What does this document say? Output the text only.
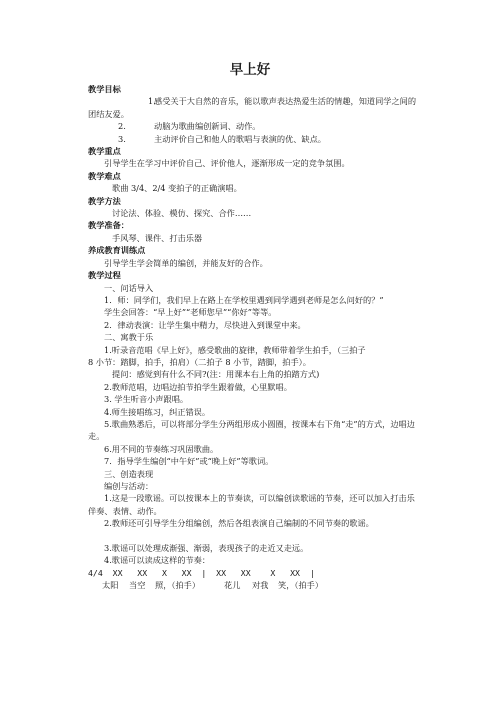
早上好
教学目标
1.感受关于大自然的音乐，能以歌声表达热爱生活的情趣，知道同学之间的团结友爱。
2.	动脑为歌曲编创新词、动作。
3.	主动评价自己和他人的歌唱与表演的优、缺点。
教学重点
引导学生在学习中评价自己、评价他人，逐渐形成一定的竞争氛围。
教学难点
歌曲 3/4、2/4 变拍子的正确演唱。
教学方法
讨论法、体验、模仿、探究、合作……
教学准备：
手风琴、课件、打击乐器
养成教育训练点
引导学生学会简单的编创，并能友好的合作。
教学过程
一、问话导入
1．师：同学们，我们早上在路上在学校里遇到同学遇到老师是怎么问好的？”
学生会回答：“早上好”“老师您早”“你好”等等。
2．律动表演：让学生集中精力，尽快进入到课堂中来。
二、寓教于乐
1.听录音范唱《早上好》，感受歌曲的旋律，教师带着学生拍手，（三拍子
8 小节：踏脚，拍手，拍肩）（二拍子 8 小节，踏脚，拍手）。
提问：感觉到有什么不同?(注：用课本右上角的拍踏方式)
2.教师范唱，边唱边拍节拍学生跟着做，心里默唱。
3. 学生听音小声跟唱。
4.师生接唱练习，纠正错误。
5.歌曲熟悉后，可以将部分学生分两组形成小圆圈，按课本右下角“走”的方式，边唱边走。
6.用不同的节奏练习巩固歌曲。
7．指导学生编创“中午好”或“晚上好”等歌词。
三、创造表现
编创与活动：
1.这是一段歌谣。可以按课本上的节奏读，可以编创读歌谣的节奏，还可以加入打击乐伴奏、表情、动作。
2.教师还可引导学生分组编创，然后各组表演自己编制的不同节奏的歌谣。
3.歌谣可以处理成渐强、渐弱，表现孩子的走近又走远。
4.歌谣可以读成这样的节奏：
4/4  XX   XX   X   XX  |  XX   XX    X   XX  |
太阳	当空	照，（拍手）	花儿	对我	笑，（拍手）
